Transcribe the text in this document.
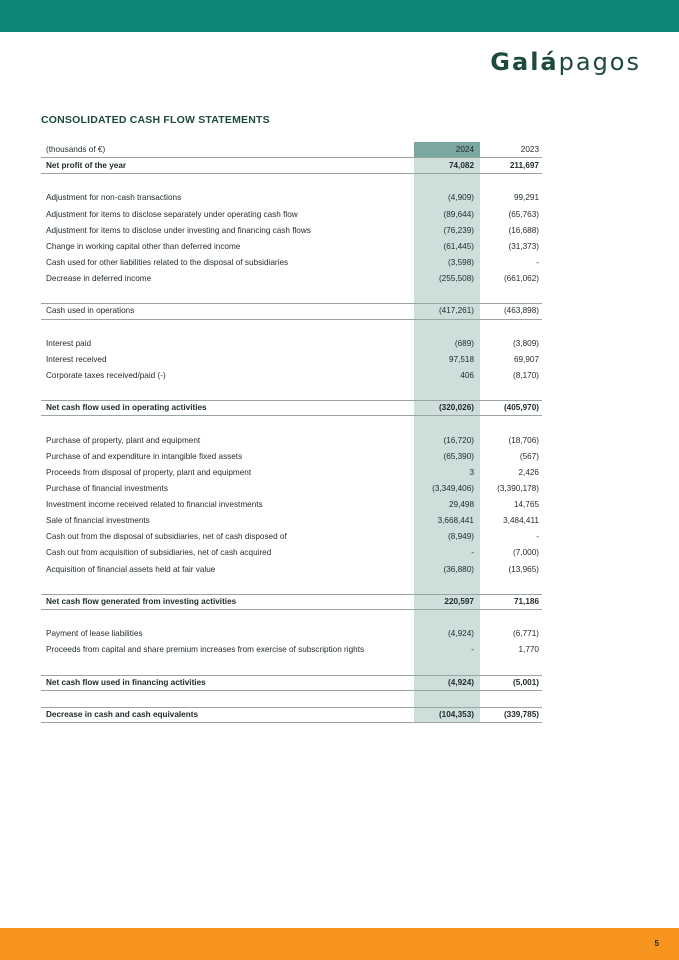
Galápagos
CONSOLIDATED CASH FLOW STATEMENTS
(thousands of €)	2024	2023
Net profit of the year	74,082	211,697
Adjustment for non-cash transactions	(4,909)	99,291
Adjustment for items to disclose separately under operating cash flow	(89,644)	(65,763)
Adjustment for items to disclose under investing and financing cash flows	(76,239)	(16,688)
Change in working capital other than deferred income	(61,445)	(31,373)
Cash used for other liabilities related to the disposal of subsidiaries	(3,598)	-
Decrease in deferred income	(255,508)	(661,062)
Cash used in operations	(417,261)	(463,898)
Interest paid	(689)	(3,809)
Interest received	97,518	69,907
Corporate taxes received/paid (-)	406	(8,170)
Net cash flow used in operating activities	(320,026)	(405,970)
Purchase of property, plant and equipment	(16,720)	(18,706)
Purchase of and expenditure in intangible fixed assets	(65,390)	(567)
Proceeds from disposal of property, plant and equipment	3	2,426
Purchase of financial investments	(3,349,406)	(3,390,178)
Investment income received related to financial investments	29,498	14,765
Sale of financial investments	3,668,441	3,484,411
Cash out from the disposal of subsidiaries, net of cash disposed of	(8,949)	-
Cash out from acquisition of subsidiaries, net of cash acquired	-	(7,000)
Acquisition of financial assets held at fair value	(36,880)	(13,965)
Net cash flow generated from investing activities	220,597	71,186
Payment of lease liabilities	(4,924)	(6,771)
Proceeds from capital and share premium increases from exercise of subscription rights	-	1,770
Net cash flow used in financing activities	(4,924)	(5,001)
Decrease in cash and cash equivalents	(104,353)	(339,785)
5
